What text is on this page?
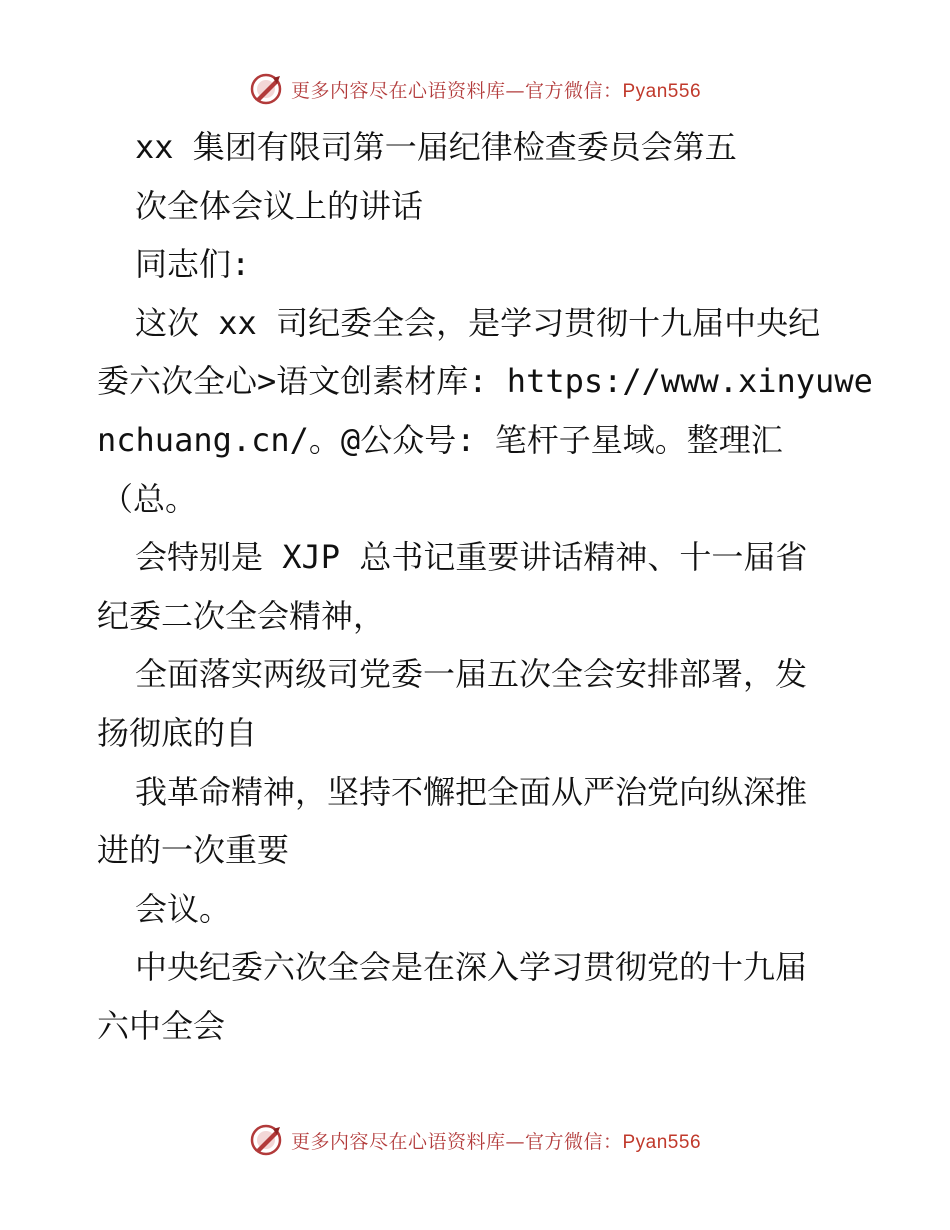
更多内容尽在心语资料库—官方微信：Pyan556
xx 集团有限司第一届纪律检查委员会第五
次全体会议上的讲话
同志们:
这次 xx 司纪委全会，是学习贯彻十九届中央纪
委六次全心>语文创素材库: https://www.xinyuwe
nchuang.cn/。@公众号: 笔杆子星域。整理汇
（总。
会特别是 XJP 总书记重要讲话精神、十一届省
纪委二次全会精神，
全面落实两级司党委一届五次全会安排部署，发
扬彻底的自
我革命精神，坚持不懈把全面从严治党向纵深推
进的一次重要
会议。
中央纪委六次全会是在深入学习贯彻党的十九届
六中全会
更多内容尽在心语资料库—官方微信：Pyan556
